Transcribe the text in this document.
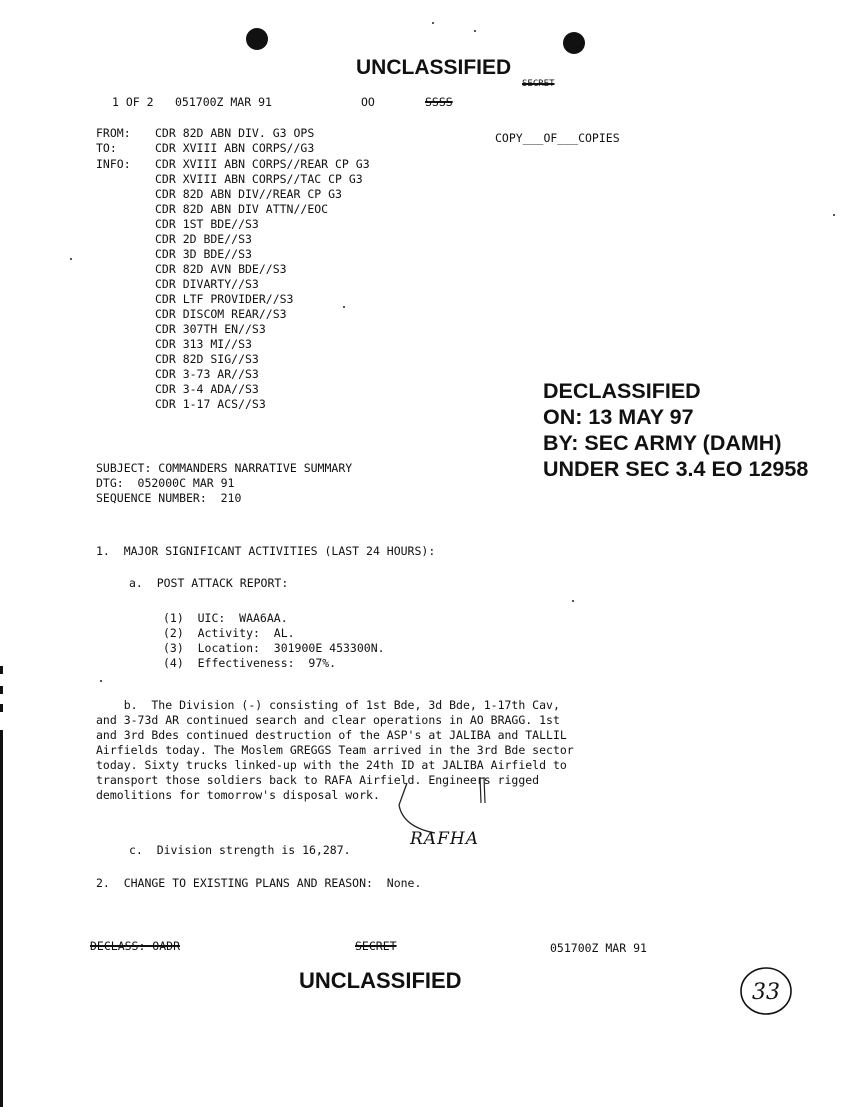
UNCLASSIFIED
SECRET
1 OF 2 051700Z MAR 91	OO	SSSS
FROM: CDR 82D ABN DIV. G3 OPS	COPY___OF___COPIES
TO:	CDR XVIII ABN CORPS//G3
INFO: CDR XVIII ABN CORPS//REAR CP G3
CDR XVIII ABN CORPS//TAC CP G3
CDR 82D ABN DIV//REAR CP G3
CDR 82D ABN DIV ATTN//EOC
CDR 1ST BDE//S3
CDR 2D BDE//S3
CDR 3D BDE//S3
CDR 82D AVN BDE//S3
CDR DIVARTY//S3
CDR LTF PROVIDER//S3
CDR DISCOM REAR//S3
CDR 307TH EN//S3
CDR 313 MI//S3
CDR 82D SIG//S3
CDR 3-73 AR//S3
CDR 3-4 ADA//S3
CDR 1-17 ACS//S3
DECLASSIFIED
ON: 13 MAY 97
BY: SEC ARMY (DAMH)
UNDER SEC 3.4 EO 12958
SUBJECT: COMMANDERS NARRATIVE SUMMARY
DTG:  052000C MAR 91
SEQUENCE NUMBER:  210
1.  MAJOR SIGNIFICANT ACTIVITIES (LAST 24 HOURS):
a.  POST ATTACK REPORT:
(1)  UIC:  WAA6AA.
(2)  Activity:  AL.
(3)  Location:  301900E 453300N.
(4)  Effectiveness:  97%.
b.  The Division (-) consisting of 1st Bde, 3d Bde, 1-17th Cav,
and 3-73d AR continued search and clear operations in AO BRAGG. 1st
and 3rd Bdes continued destruction of the ASP's at JALIBA and TALLIL
Airfields today. The Moslem GREGGS Team arrived in the 3rd Bde sector
today. Sixty trucks linked-up with the 24th ID at JALIBA Airfield to
transport those soldiers back to RAFA Airfield. Engineers rigged
demolitions for tomorrow's disposal work.
RAFHA
c.  Division strength is 16,287.
2.  CHANGE TO EXISTING PLANS AND REASON:  None.
DECLASS: OADR	SECRET	051700Z MAR 91
UNCLASSIFIED	33
